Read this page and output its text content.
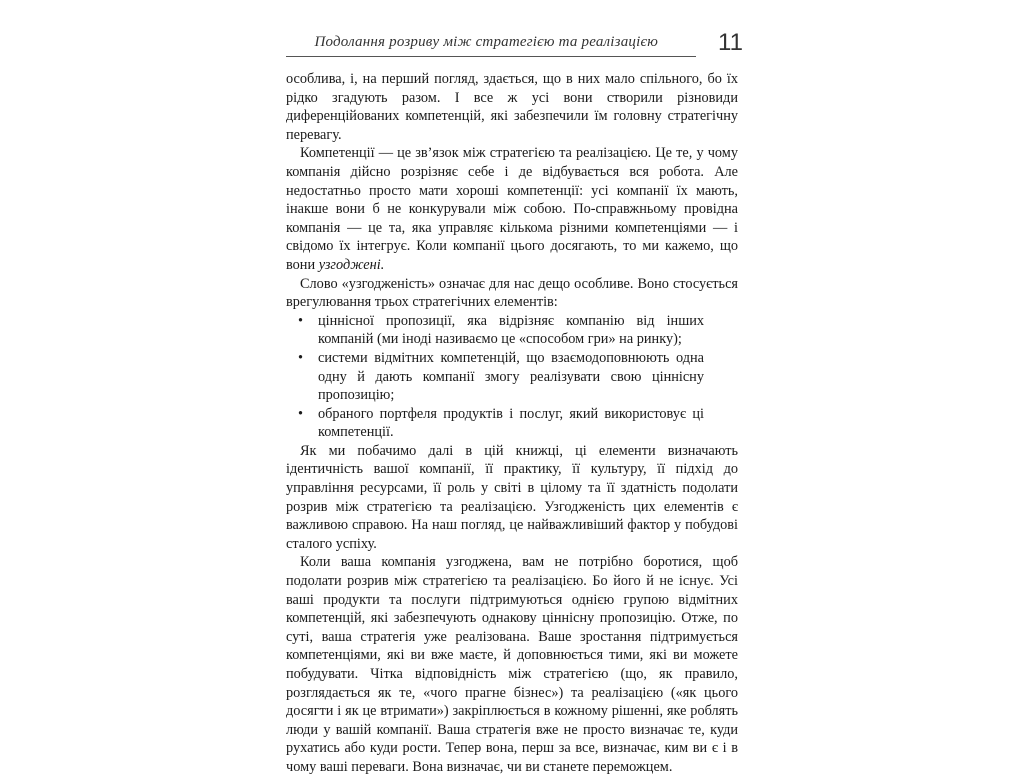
Подолання розриву між стратегією та реалізацією	11

особлива, і, на перший погляд, здається, що в них мало спільного, бо їх рідко згадують разом. І все ж усі вони створили різновиди диференційованих компетенцій, які забезпечили їм головну стратегічну перевагу.

Компетенції — це зв’язок між стратегією та реалізацією. Це те, у чому компанія дійсно розрізняє себе і де відбувається вся робота. Але недостатньо просто мати хороші компетенції: усі компанії їх мають, інакше вони б не конкурували між собою. По-справжньому провідна компанія — це та, яка управляє кількома різними компетенціями — і свідомо їх інтегрує. Коли компанії цього досягають, то ми кажемо, що вони узгоджені.

Слово «узгодженість» означає для нас дещо особливе. Воно стосується врегулювання трьох стратегічних елементів:

• ціннісної пропозиції, яка відрізняє компанію від інших компаній (ми іноді називаємо це «способом гри» на ринку);
• системи відмітних компетенцій, що взаємодоповнюють одна одну й дають компанії змогу реалізувати свою ціннісну пропозицію;
• обраного портфеля продуктів і послуг, який використовує ці компетенції.

Як ми побачимо далі в цій книжці, ці елементи визначають ідентичність вашої компанії, її практику, її культуру, її підхід до управління ресурсами, її роль у світі в цілому та її здатність подолати розрив між стратегією та реалізацією. Узгодженість цих елементів є важливою справою. На наш погляд, це найважливіший фактор у побудові сталого успіху.

Коли ваша компанія узгоджена, вам не потрібно боротися, щоб подолати розрив між стратегією та реалізацією. Бо його й не існує. Усі ваші продукти та послуги підтримуються однією групою відмітних компетенцій, які забезпечують однакову ціннісну пропозицію. Отже, по суті, ваша стратегія уже реалізована. Ваше зростання підтримується компетенціями, які ви вже маєте, й доповнюється тими, які ви можете побудувати. Чітка відповідність між стратегією (що, як правило, розглядається як те, «чого прагне бізнес») та реалізацією («як цього досягти і як це втримати») закріплюється в кожному рішенні, яке роблять люди у вашій компанії. Ваша стратегія вже не просто визначає те, куди рухатись або куди рости. Тепер вона, перш за все, визначає, ким ви є і в чому ваші переваги. Вона визначає, чи ви станете переможцем.
